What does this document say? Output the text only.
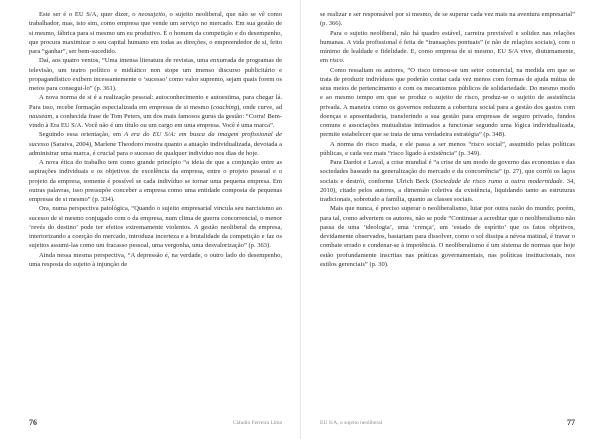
Este ser é o EU S/A, quer dizer, o neosujeito, o sujeito neoliberal, que não se vê como trabalhador, mas, isto sim, como empresa que vende um serviço no mercado. Em sua gestão de si mesmo, fábrica para si mesmo um eu produtivo. É o homem da competição e do desempenho, que procura maximizar o seu capital humano em todas as direções, o empreendedor de si, feito para “ganhar”, ser bem-sucedido.

Daí, aos quatro ventos, “Uma imensa literatura de revistas, uma enxurrada de programas de televisão, um teatro político e midiático non stope um imenso discurso publicitário e propagandístico exibem incessantemente o ‘sucesso’ como valor supremo, sejam quais forem os meios para consegui-lo” (p. 361).

A nova norma de si é a realização pessoal: autoconhecimento e autoestima, para chegar lá. Para isso, recebe formação especializada em empresas de si mesmo (coaching), onde curve, ad nauseam, a conhecida frase de Tom Peters, um dos mais famosos gurus da gestão: “Corra! Bem-vindo à Era EU S/A. Você não é um título ou um cargo em uma empresa. Você é uma marca”.

Seguindo essa orientação, em A era do EU S/A: em busca da imagem profissional de sucesso (Saraiva, 2004), Marlene Theodoro mostra quanto a atuação individualizada, devotada a administrar uma marca, é crucial para o sucesso de qualquer indivíduo nos dias de hoje.

A nova ética do trabalho tem como grande princípio “a ideia de que a conjunção entre as aspirações individuais e os objetivos de excelência da empresa, entre o projeto pessoal e o projeto da empresa, somente é possível se cada indivíduo se tornar uma pequena empresa. Em outras palavras, isso pressupõe conceber a empresa como uma entidade composta de pequenas empresas de si mesmo” (p. 334).

Ora, numa perspectiva patológica, “Quando o sujeito empresarial vincula seu narcisismo ao sucesso de si mesmo conjugado com o da empresa, num clima de guerra concorrencial, o menor ‘revés do destino’ pode ter efeitos extremamente violentos. A gestão neoliberal da empresa, interiorizando a coerção do mercado, introduza incerteza e a brutalidade da competição e faz os sujeitos assumi-las como um fracasso pessoal, uma vergonha, uma desvalorização” (p. 363).

Ainda nessa mesma perspectiva, “A depressão é, na verdade, o outro lado do desempenho, uma resposta do sujeito à injunção de

76	Cláudio Ferreira Lima

se realizar e ser responsável por si mesmo, de se superar cada vez mais na aventura empresarial” (p. 366).

Para o sujeito neoliberal, não há quadro estável, carreira previsível e solidez nas relações humanas. A vida profissional é feita de “transações pontuais” (e não de relações sociais), com o mínimo de lealdade e fidelidade. E, como empresa de si mesmo, EU S/A vive, diuturnamente, em risco.

Como ressaltam os autores, “O risco tornou-se um setor comercial, na medida em que se trata de produzir indivíduos que poderão contar cada vez menos com formas de ajuda mútua de seus meios de pertencimento e com os mecanismos públicos de solidariedade. Do mesmo modo e ao mesmo tempo em que se produz o sujeito de risco, produz-se o sujeito de assistência privada. A maneira como os governos reduzem a cobertura social para a gestão dos gastos com doenças e aposentadoria, transferindo a sua gestão para empresas de seguro privado, fundos comuns e associações mutualistas intimados a funcionar segundo uma lógica individualizada, permite estabelecer que se trata de uma verdadeira estratégia” (p. 348).

A norma do risco mada, e ele passa a ser menos “risco social”, assumido pelas políticas públicas, e cada vez mais “risco ligado à existência” (p. 349).

Para Dardot e Laval, a crise mundial é “a crise de um modo de governo das economias e das sociedades baseado na generalização do mercado e da concorrência” (p. 27), que corrói os laços sociais e destrói, conforme Ulrich Beck (Sociedade de risco rumo a outra modernidade. 34, 2010), citado pelos autores, a dimensão coletiva da existência, liquidando tanto as estruturas tradicionais, sobretudo a família, quanto as classes sociais.

Mais que nunca, é preciso superar o neoliberalismo, lutar por outra razão do mundo; porém, para tal, como advertem os autores, não se pode “Continuar a acreditar que o neoliberalismo não passa de uma ‘ideologia’, uma ‘crença’, um ‘estado de espírito’ que os fatos objetivos, devidamente observados, bastariam para dissolver, como o sol dissipa a névoa matinal, é travar o combate errado e condenar-se à impotência. O neoliberalismo é um sistema de normas que hoje estão profundamente inscritas nas práticas governamentais, nas políticas institucionais, nos estilos gerenciais” (p. 30).

EU S/A, o sujeito neoliberal	77
